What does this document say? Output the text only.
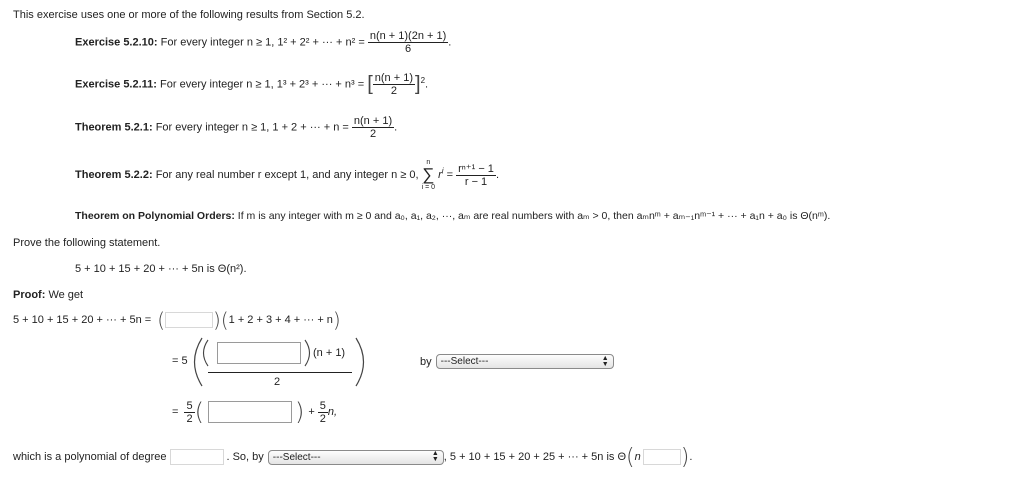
This exercise uses one or more of the following results from Section 5.2.
Exercise 5.2.10: For every integer n ≥ 1, 1² + 2² + ··· + $n^2 = \frac{n(n + 1)(2n + 1)}{6}$ .
Exercise 5.2.11: For every integer n ≥ 1, 1³ + 2³ + ··· + n³ = [ $\frac{n(n + 1)}{2} ]^2$.
Theorem 5.2.1: For every integer n ≥ 1, 1 + 2 + ··· + $n = \frac{n(n + 1)}{2}$ .
Theorem 5.2.2: For any real number r except 1, and any integer n ≥ 0,
n
∑
i = 0
$r^i = \frac{\text{rⁿ⁺¹ − 1}}{r - 1}$ .
Theorem on Polynomial Orders: If m is any integer with m ≥ 0 and a₀, a₁, a₂, ···, aₘ are real numbers with aₘ > 0, then aₘnᵐ + aₘ₋₁nᵐ⁻¹ + ··· + a₁n + a₀ is Θ(nᵐ).
Prove the following statement.
5 + 10 + 15 + 20 + ··· + 5n is Θ(n²).
Proof: We get
5 + 10 + 15 + 20 + ··· + 5n = ( ) ( 1 + 2 + 3 + 4 + ··· + n )
= 5
(n + 1)
2
by ---Select---	▲
▼
= $\frac{5}{2}$ (	) + $\frac{5}{2} n$,
which is a polynomial of degree	. So, by ---Select---	▲
▼ , 5 + 10 + 15 + 20 + 25 + ··· + 5n is Θ ( n ) .
